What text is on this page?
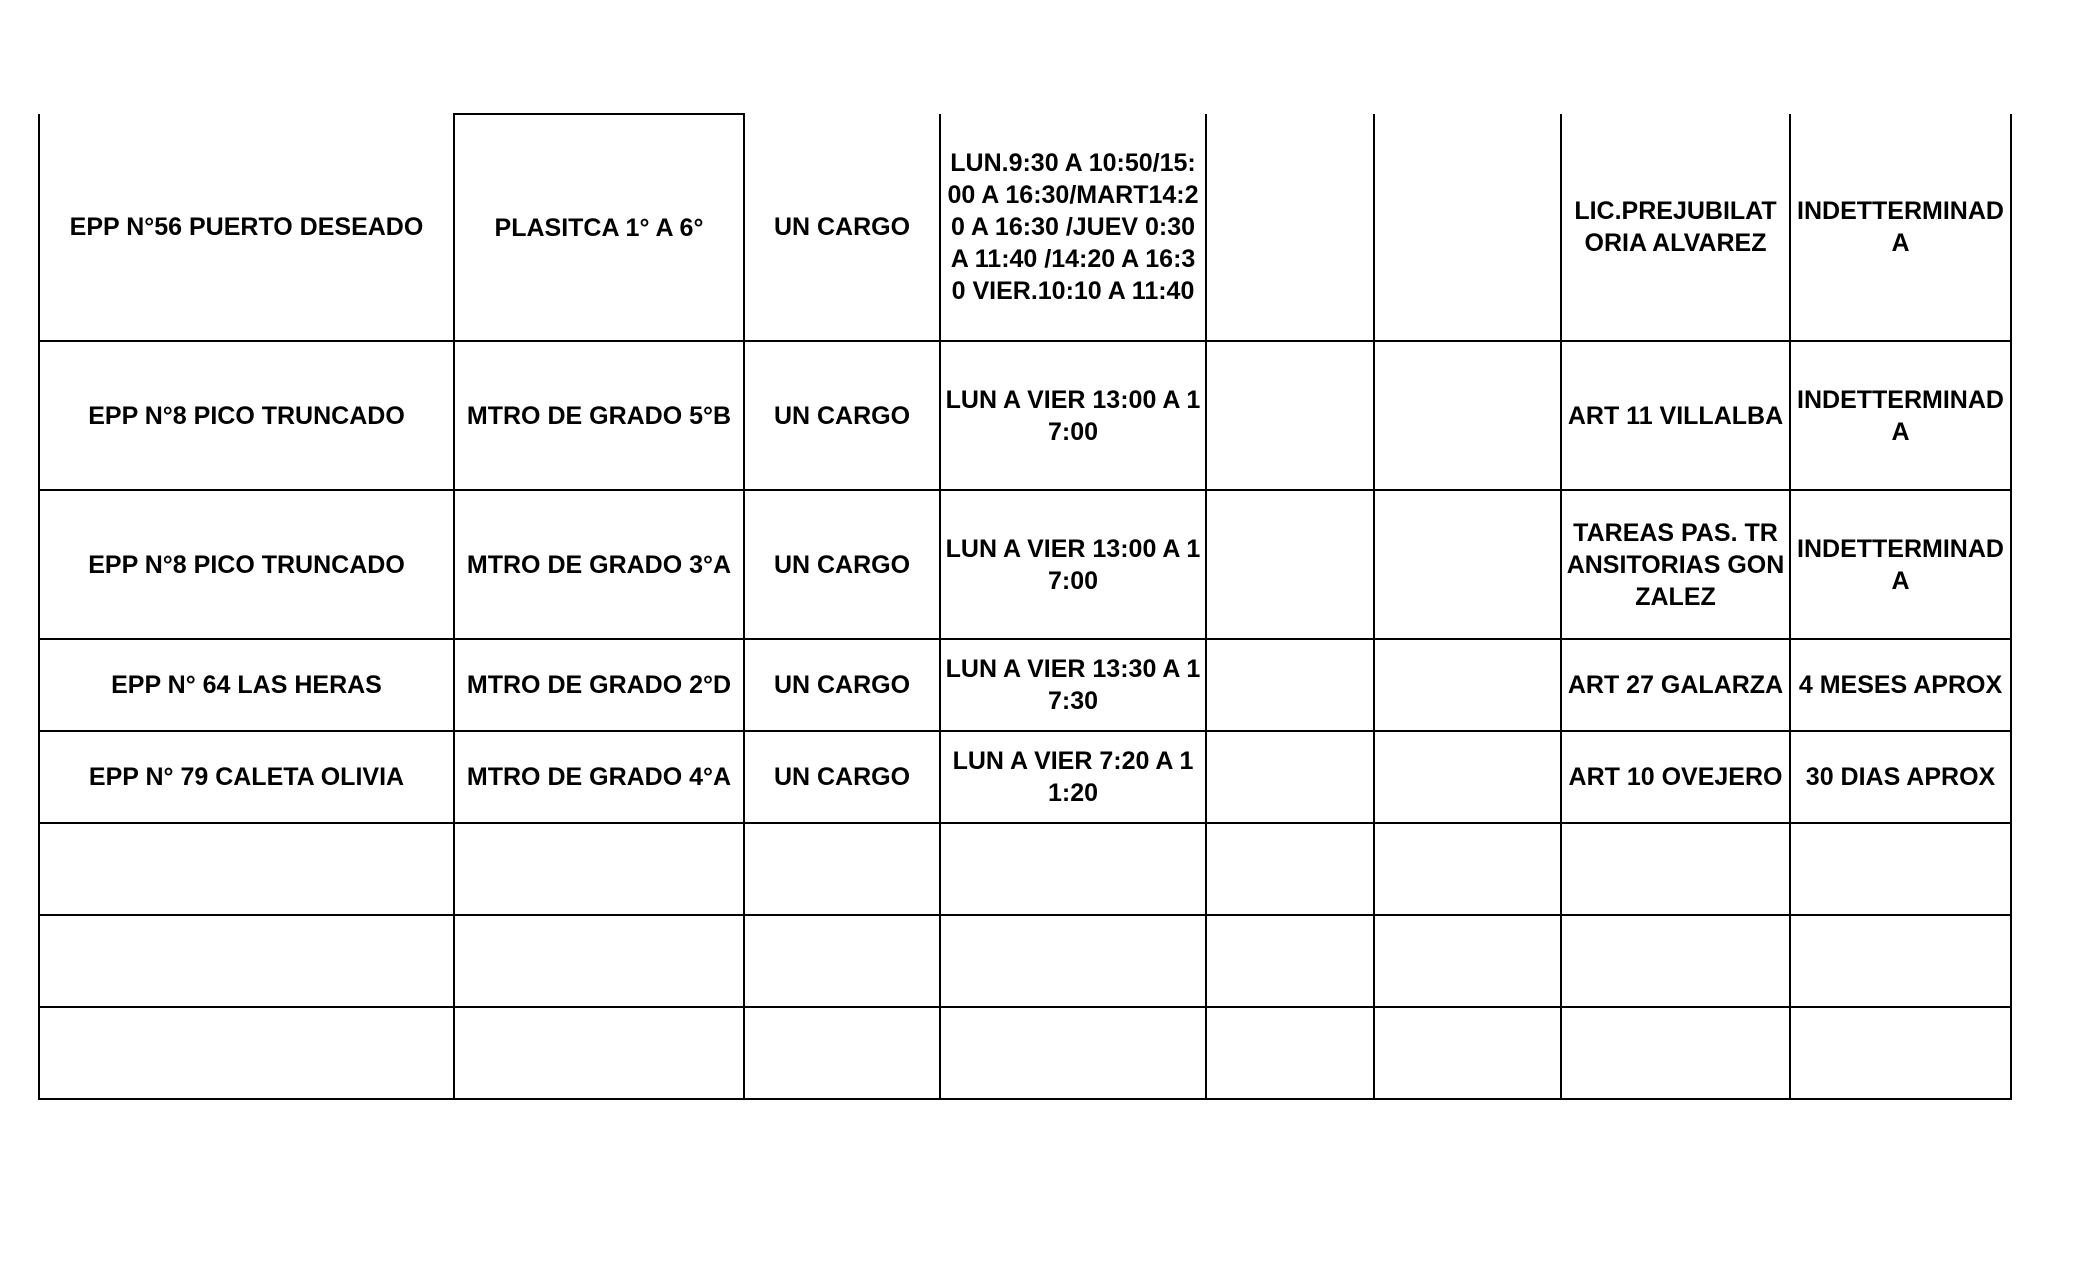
EPP N°56 PUERTO DESEADO	PLASITCA 1° A 6°	UN CARGO	LUN.9:30 A 10:50/15:00 A 16:30/MART14:20 A 16:30 /JUEV 0:30 A 11:40 /14:20 A 16:30 VIER.10:10 A 11:40			LIC.PREJUBILATORIA ALVAREZ	INDETTERMINADA

EPP N°8 PICO TRUNCADO	MTRO DE GRADO 5°B	UN CARGO	LUN A VIER 13:00 A 17:00			ART 11 VILLALBA	INDETTERMINADA

EPP N°8 PICO TRUNCADO	MTRO DE GRADO 3°A	UN CARGO	LUN A VIER 13:00 A 17:00			TAREAS PAS. TRANSITORIAS GONZALEZ	INDETTERMINADA

EPP N° 64 LAS HERAS	MTRO DE GRADO 2°D	UN CARGO	LUN A VIER 13:30 A 17:30			ART 27 GALARZA	4 MESES APROX

EPP N° 79 CALETA OLIVIA	MTRO DE GRADO 4°A	UN CARGO	LUN A VIER 7:20 A 11:20			ART 10 OVEJERO	30 DIAS APROX
